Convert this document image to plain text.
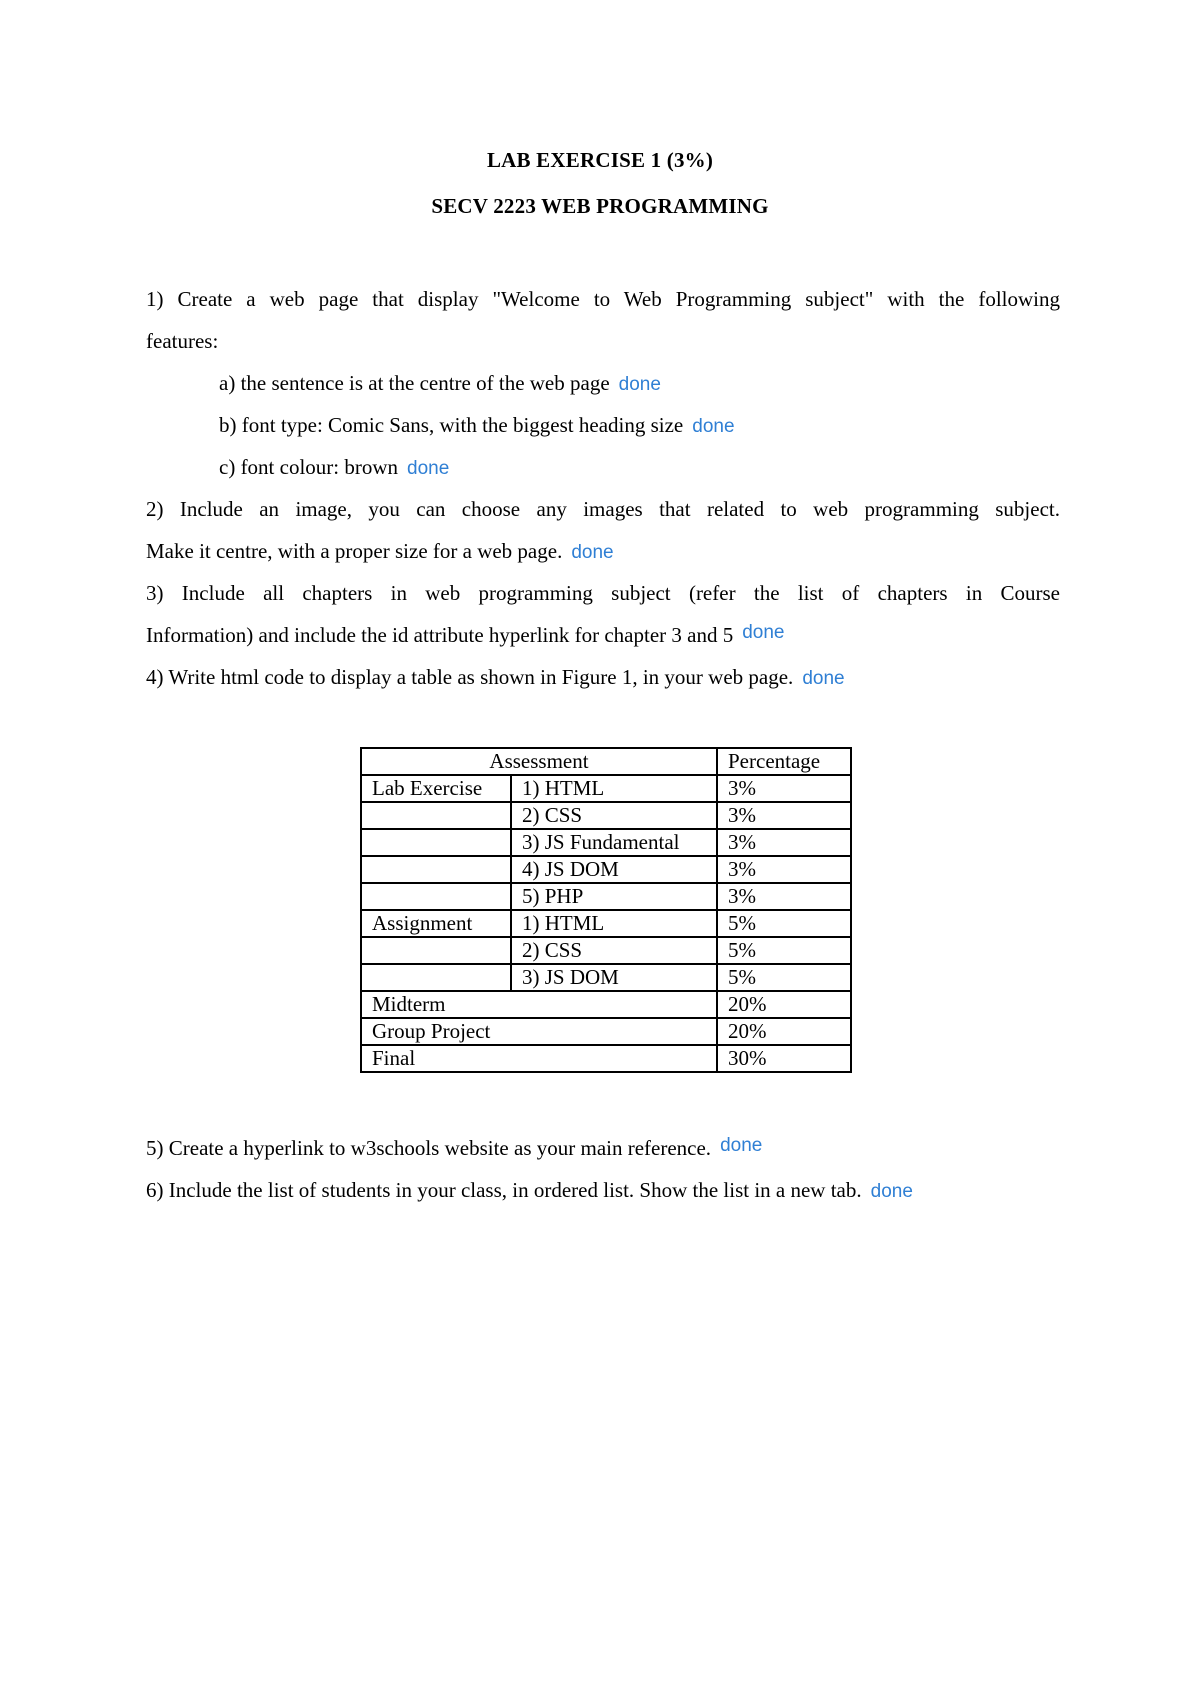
LAB EXERCISE 1 (3%)
SECV 2223 WEB PROGRAMMING
1) Create a web page that display "Welcome to Web Programming subject" with the following
features:
a) the sentence is at the centre of the web page done
b) font type: Comic Sans, with the biggest heading size done
c) font colour: brown done
2) Include an image, you can choose any images that related to web programming subject.
Make it centre, with a proper size for a web page. done
3) Include all chapters in web programming subject (refer the list of chapters in Course
Information) and include the id attribute hyperlink for chapter 3 and 5 done
4) Write html code to display a table as shown in Figure 1, in your web page. done
Assessment		Percentage
Lab Exercise	1) HTML	3%
	2) CSS	3%
	3) JS Fundamental	3%
	4) JS DOM	3%
	5) PHP	3%
Assignment	1) HTML	5%
	2) CSS	5%
	3) JS DOM	5%
Midterm		20%
Group Project		20%
Final		30%
5) Create a hyperlink to w3schools website as your main reference. done
6) Include the list of students in your class, in ordered list. Show the list in a new tab. done
